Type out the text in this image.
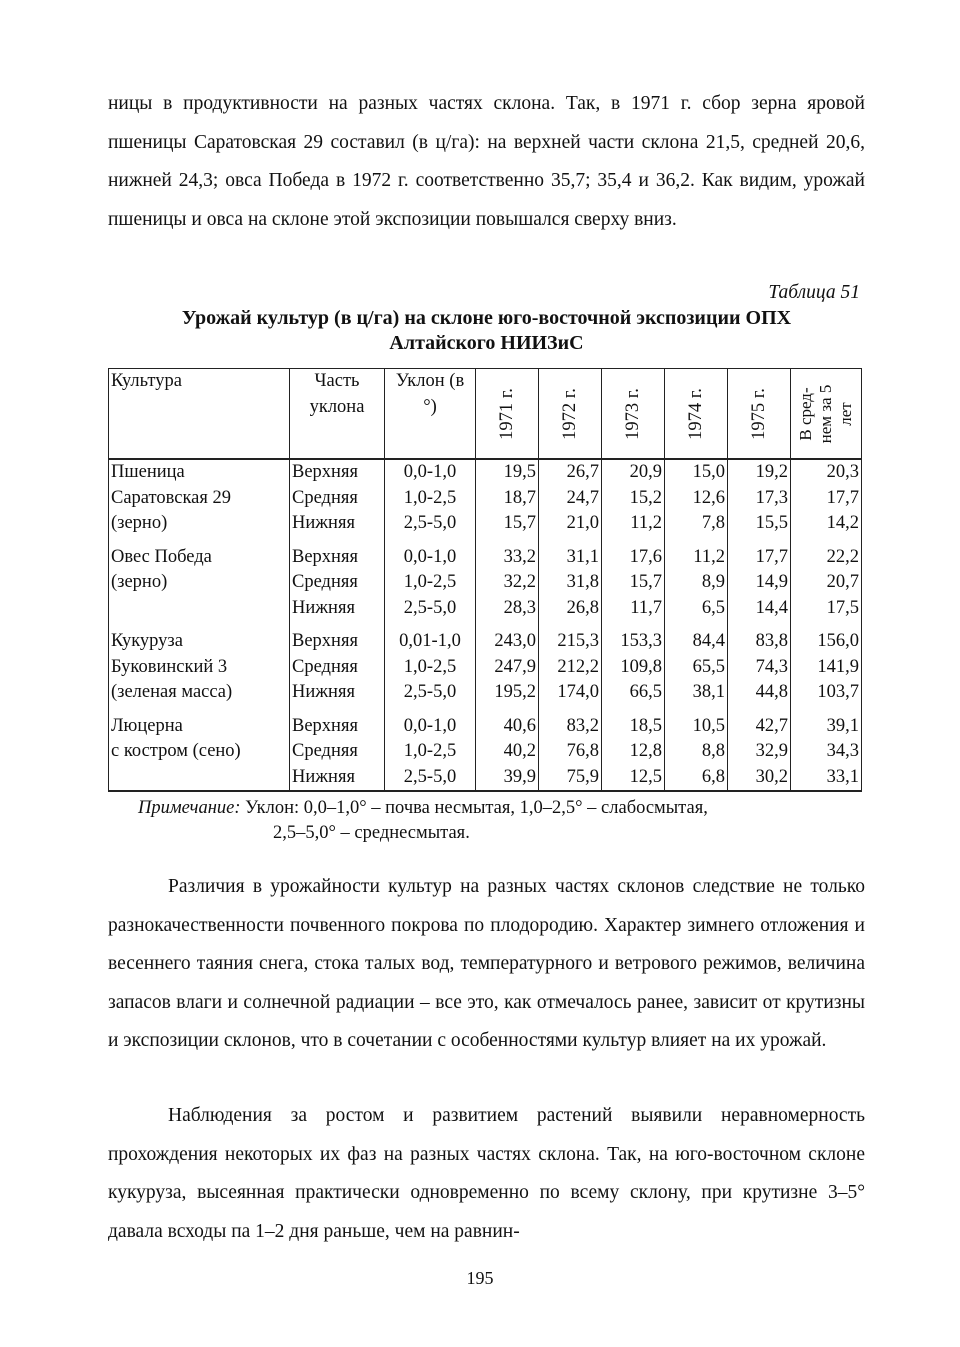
ницы в продуктивности на разных частях склона. Так, в 1971 г. сбор зерна яровой пшеницы Саратовская 29 составил (в ц/га): на верхней части склона 21,5, средней 20,6, нижней 24,3; овса Победа в 1972 г. соответственно 35,7; 35,4 и 36,2. Как видим, урожай пшеницы и овса на склоне этой экспозиции повышался сверху вниз.

Таблица 51
Урожай культур (в ц/га) на склоне юго-восточной экспозиции ОПХ
Алтайского НИИЗиС
Культура	Часть уклона	Уклон (в °)	1971 г.	1972 г.	1973 г.	1974 г.	1975 г.	В сред-
нем за 5
лет

Пшеница	Верхняя	0,0-1,0	19,5	26,7	20,9	15,0	19,2	20,3
Саратовская 29	Средняя	1,0-2,5	18,7	24,7	15,2	12,6	17,3	17,7
(зерно)	Нижняя	2,5-5,0	15,7	21,0	11,2	7,8	15,5	14,2
Овес Победа	Верхняя	0,0-1,0	33,2	31,1	17,6	11,2	17,7	22,2
(зерно)	Средняя	1,0-2,5	32,2	31,8	15,7	8,9	14,9	20,7
	Нижняя	2,5-5,0	28,3	26,8	11,7	6,5	14,4	17,5
Кукуруза	Верхняя	0,01-1,0	243,0	215,3	153,3	84,4	83,8	156,0
Буковинский 3	Средняя	1,0-2,5	247,9	212,2	109,8	65,5	74,3	141,9
(зеленая масса)	Нижняя	2,5-5,0	195,2	174,0	66,5	38,1	44,8	103,7
Люцерна	Верхняя	0,0-1,0	40,6	83,2	18,5	10,5	42,7	39,1
с костром (сено)	Средняя	1,0-2,5	40,2	76,8	12,8	8,8	32,9	34,3
	Нижняя	2,5-5,0	39,9	75,9	12,5	6,8	30,2	33,1
Примечание: Уклон: 0,0–1,0° – почва несмытая, 1,0–2,5° – слабосмытая,
2,5–5,0° – среднесмытая.

Различия в урожайности культур на разных частях склонов следствие не только разнокачественности почвенного покрова по плодородию. Характер зимнего отложения и весеннего таяния снега, стока талых вод, температурного и ветрового режимов, величина запасов влаги и солнечной радиации – все это, как отмечалось ранее, зависит от крутизны и экспозиции склонов, что в сочетании с особенностями культур влияет на их урожай.

Наблюдения за ростом и развитием растений выявили неравномерность прохождения некоторых их фаз на разных частях склона. Так, на юго-восточном склоне кукуруза, высеянная практически одновременно по всему склону, при крутизне 3–5° давала всходы па 1–2 дня раньше, чем на равнин-

195
